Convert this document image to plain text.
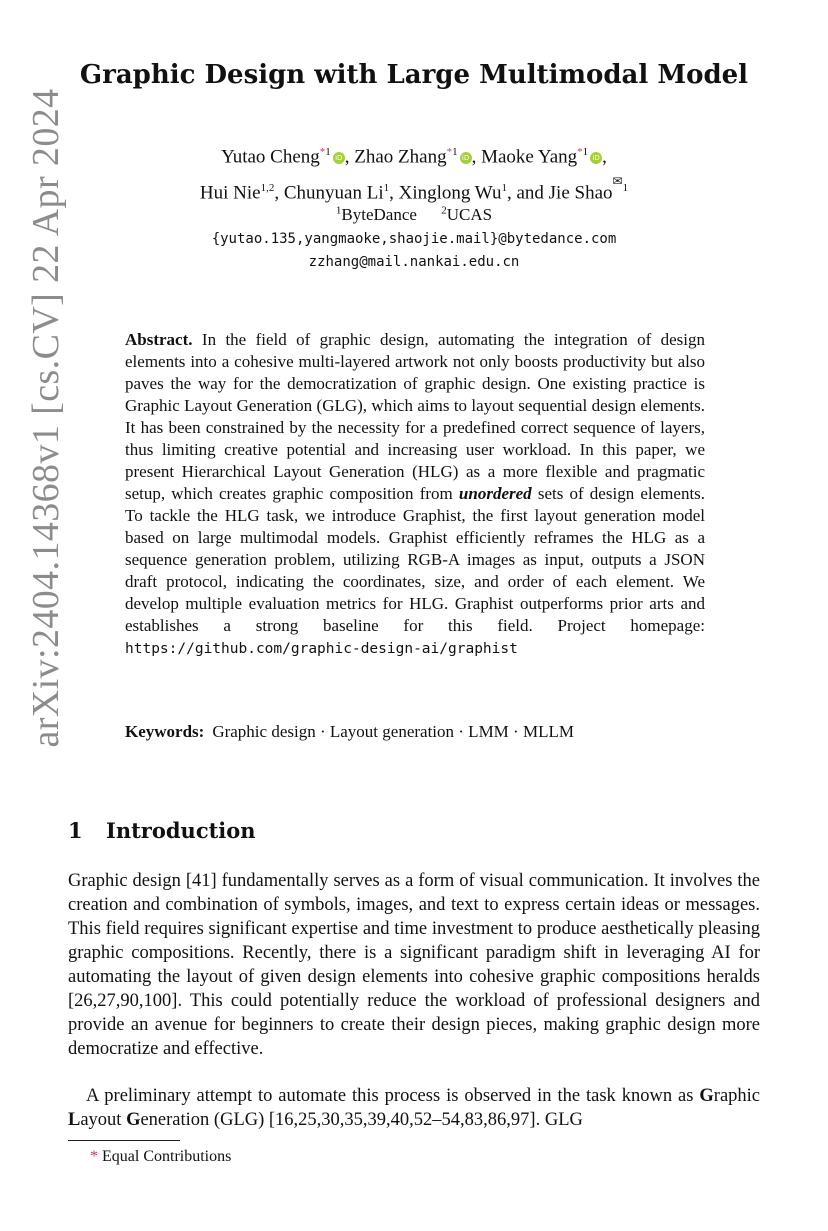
arXiv:2404.14368v1 [cs.CV] 22 Apr 2024
Graphic Design with Large Multimodal Model
Yutao Cheng$^{*1}$iD , Zhao Zhang$^{*1}$iD , Maoke Yang$^{*1}$iD ,
Hui Nie$^{1,2}$, Chunyuan Li$^1$, Xinglong Wu$^1$, and Jie Shao$^{✉1}$
$^1$ByteDance $^2$UCAS
{yutao.135,yangmaoke,shaojie.mail}@bytedance.com
zzhang@mail.nankai.edu.cn
Abstract. In the field of graphic design, automating the integration of design elements into a cohesive multi-layered artwork not only boosts productivity but also paves the way for the democratization of graphic design. One existing practice is Graphic Layout Generation (GLG), which aims to layout sequential design elements. It has been constrained by the necessity for a predefined correct sequence of layers, thus limiting creative potential and increasing user workload. In this paper, we present Hierarchical Layout Generation (HLG) as a more flexible and pragmatic setup, which creates graphic composition from unordered sets of design elements. To tackle the HLG task, we introduce Graphist, the first layout generation model based on large multimodal models. Graphist efficiently reframes the HLG as a sequence generation problem, utilizing RGB-A images as input, outputs a JSON draft protocol, indicating the coordinates, size, and order of each element. We develop multiple evaluation metrics for HLG. Graphist outperforms prior arts and establishes a strong baseline for this field. Project homepage: https://github.com/graphic-design-ai/graphist
Keywords: Graphic design · Layout generation · LMM · MLLM
1 Introduction
Graphic design [41] fundamentally serves as a form of visual communication. It involves the creation and combination of symbols, images, and text to express certain ideas or messages. This field requires significant expertise and time investment to produce aesthetically pleasing graphic compositions. Recently, there is a significant paradigm shift in leveraging AI for automating the layout of given design elements into cohesive graphic compositions heralds [26,27,90,100]. This could potentially reduce the workload of professional designers and provide an avenue for beginners to create their design pieces, making graphic design more democratize and effective.
A preliminary attempt to automate this process is observed in the task known as Graphic Layout Generation (GLG) [16,25,30,35,39,40,52–54,83,86,97]. GLG
* Equal Contributions
